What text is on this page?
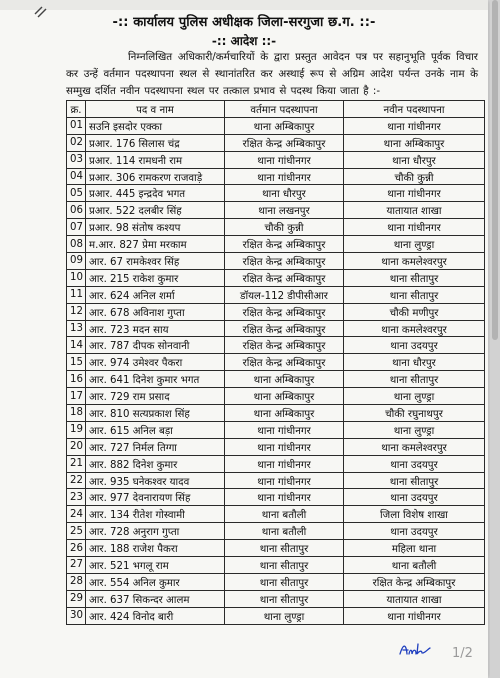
-:: कार्यालय पुलिस अधीक्षक जिला-सरगुजा छ.ग. ::-
-:: आदेश ::-
निम्नलिखित अधिकारी/कर्मचारियों के द्वारा प्रस्तुत आवेदन पत्र पर सहानुभूति पूर्वक विचार कर उन्हें वर्तमान पदस्थापना स्थल से स्थानांतरित कर अस्थाई रूप से अग्रिम आदेश पर्यन्त उनके नाम के सम्मुख दर्शित नवीन पदस्थापना स्थल पर तत्काल प्रभाव से पदस्थ किया जाता है :-
क्र.	पद व नाम	वर्तमान पदस्थापना	नवीन पदस्थापना
01	सउनि इसदोर एक्का	थाना अम्बिकापुर	थाना गांधीनगर
02	प्रआर. 176 सिलास चंद्र	रक्षित केन्द्र अम्बिकापुर	थाना अम्बिकापुर
03	प्रआर. 114 रामधनी राम	थाना गांधीनगर	थाना धौरपुर
04	प्रआर. 306 रामकरण राजवाड़े	थाना गांधीनगर	चौकी कुन्नी
05	प्रआर. 445 इन्द्रदेव भगत	थाना धौरपुर	थाना गांधीनगर
06	प्रआर. 522 दलबीर सिंह	थाना लखनपुर	यातायात शाखा
07	प्रआर. 98 संतोष कश्यप	चौकी कुन्नी	थाना गांधीनगर
08	म.आर. 827 प्रेमा मरकाम	रक्षित केन्द्र अम्बिकापुर	थाना लुण्ड्रा
09	आर. 67 रामकेश्वर सिंह	रक्षित केन्द्र अम्बिकापुर	थाना कमलेश्वरपुर
10	आर. 215 राकेश कुमार	रक्षित केन्द्र अम्बिकापुर	थाना सीतापुर
11	आर. 624 अनिल शर्मा	डॉयल-112 डीपीसीआर	थाना सीतापुर
12	आर. 678 अविनाश गुप्ता	रक्षित केन्द्र अम्बिकापुर	चौकी मणीपुर
13	आर. 723 मदन साय	रक्षित केन्द्र अम्बिकापुर	थाना कमलेश्वरपुर
14	आर. 787 दीपक सोनवानी	रक्षित केन्द्र अम्बिकापुर	थाना उदयपुर
15	आर. 974 उमेश्वर पैकरा	रक्षित केन्द्र अम्बिकापुर	थाना धौरपुर
16	आर. 641 दिनेश कुमार भगत	थाना अम्बिकापुर	थाना सीतापुर
17	आर. 729 राम प्रसाद	थाना अम्बिकापुर	थाना लुण्ड्रा
18	आर. 810 सत्यप्रकाश सिंह	थाना अम्बिकापुर	चौकी रघुनाथपुर
19	आर. 615 अनिल बड़ा	थाना गांधीनगर	थाना लुण्ड्रा
20	आर. 727 निर्मल तिग्गा	थाना गांधीनगर	थाना कमलेश्वरपुर
21	आर. 882 दिनेश कुमार	थाना गांधीनगर	थाना उदयपुर
22	आर. 935 घनेकश्वर यादव	थाना गांधीनगर	थाना सीतापुर
23	आर. 977 देवनारायण सिंह	थाना गांधीनगर	थाना उदयपुर
24	आर. 134 रीतेश गोस्वामी	थाना बतौली	जिला विशेष शाखा
25	आर. 728 अनुराग गुप्ता	थाना बतौली	थाना उदयपुर
26	आर. 188 राजेश पैकरा	थाना सीतापुर	महिला थाना
27	आर. 521 भगलू राम	थाना सीतापुर	थाना बतौली
28	आर. 554 अनिल कुमार	थाना सीतापुर	रक्षित केन्द्र अम्बिकापुर
29	आर. 637 सिकन्दर आलम	थाना सीतापुर	यातायात शाखा
30	आर. 424 विनोद बारी	थाना लुण्ड्रा	थाना गांधीनगर
1/2
